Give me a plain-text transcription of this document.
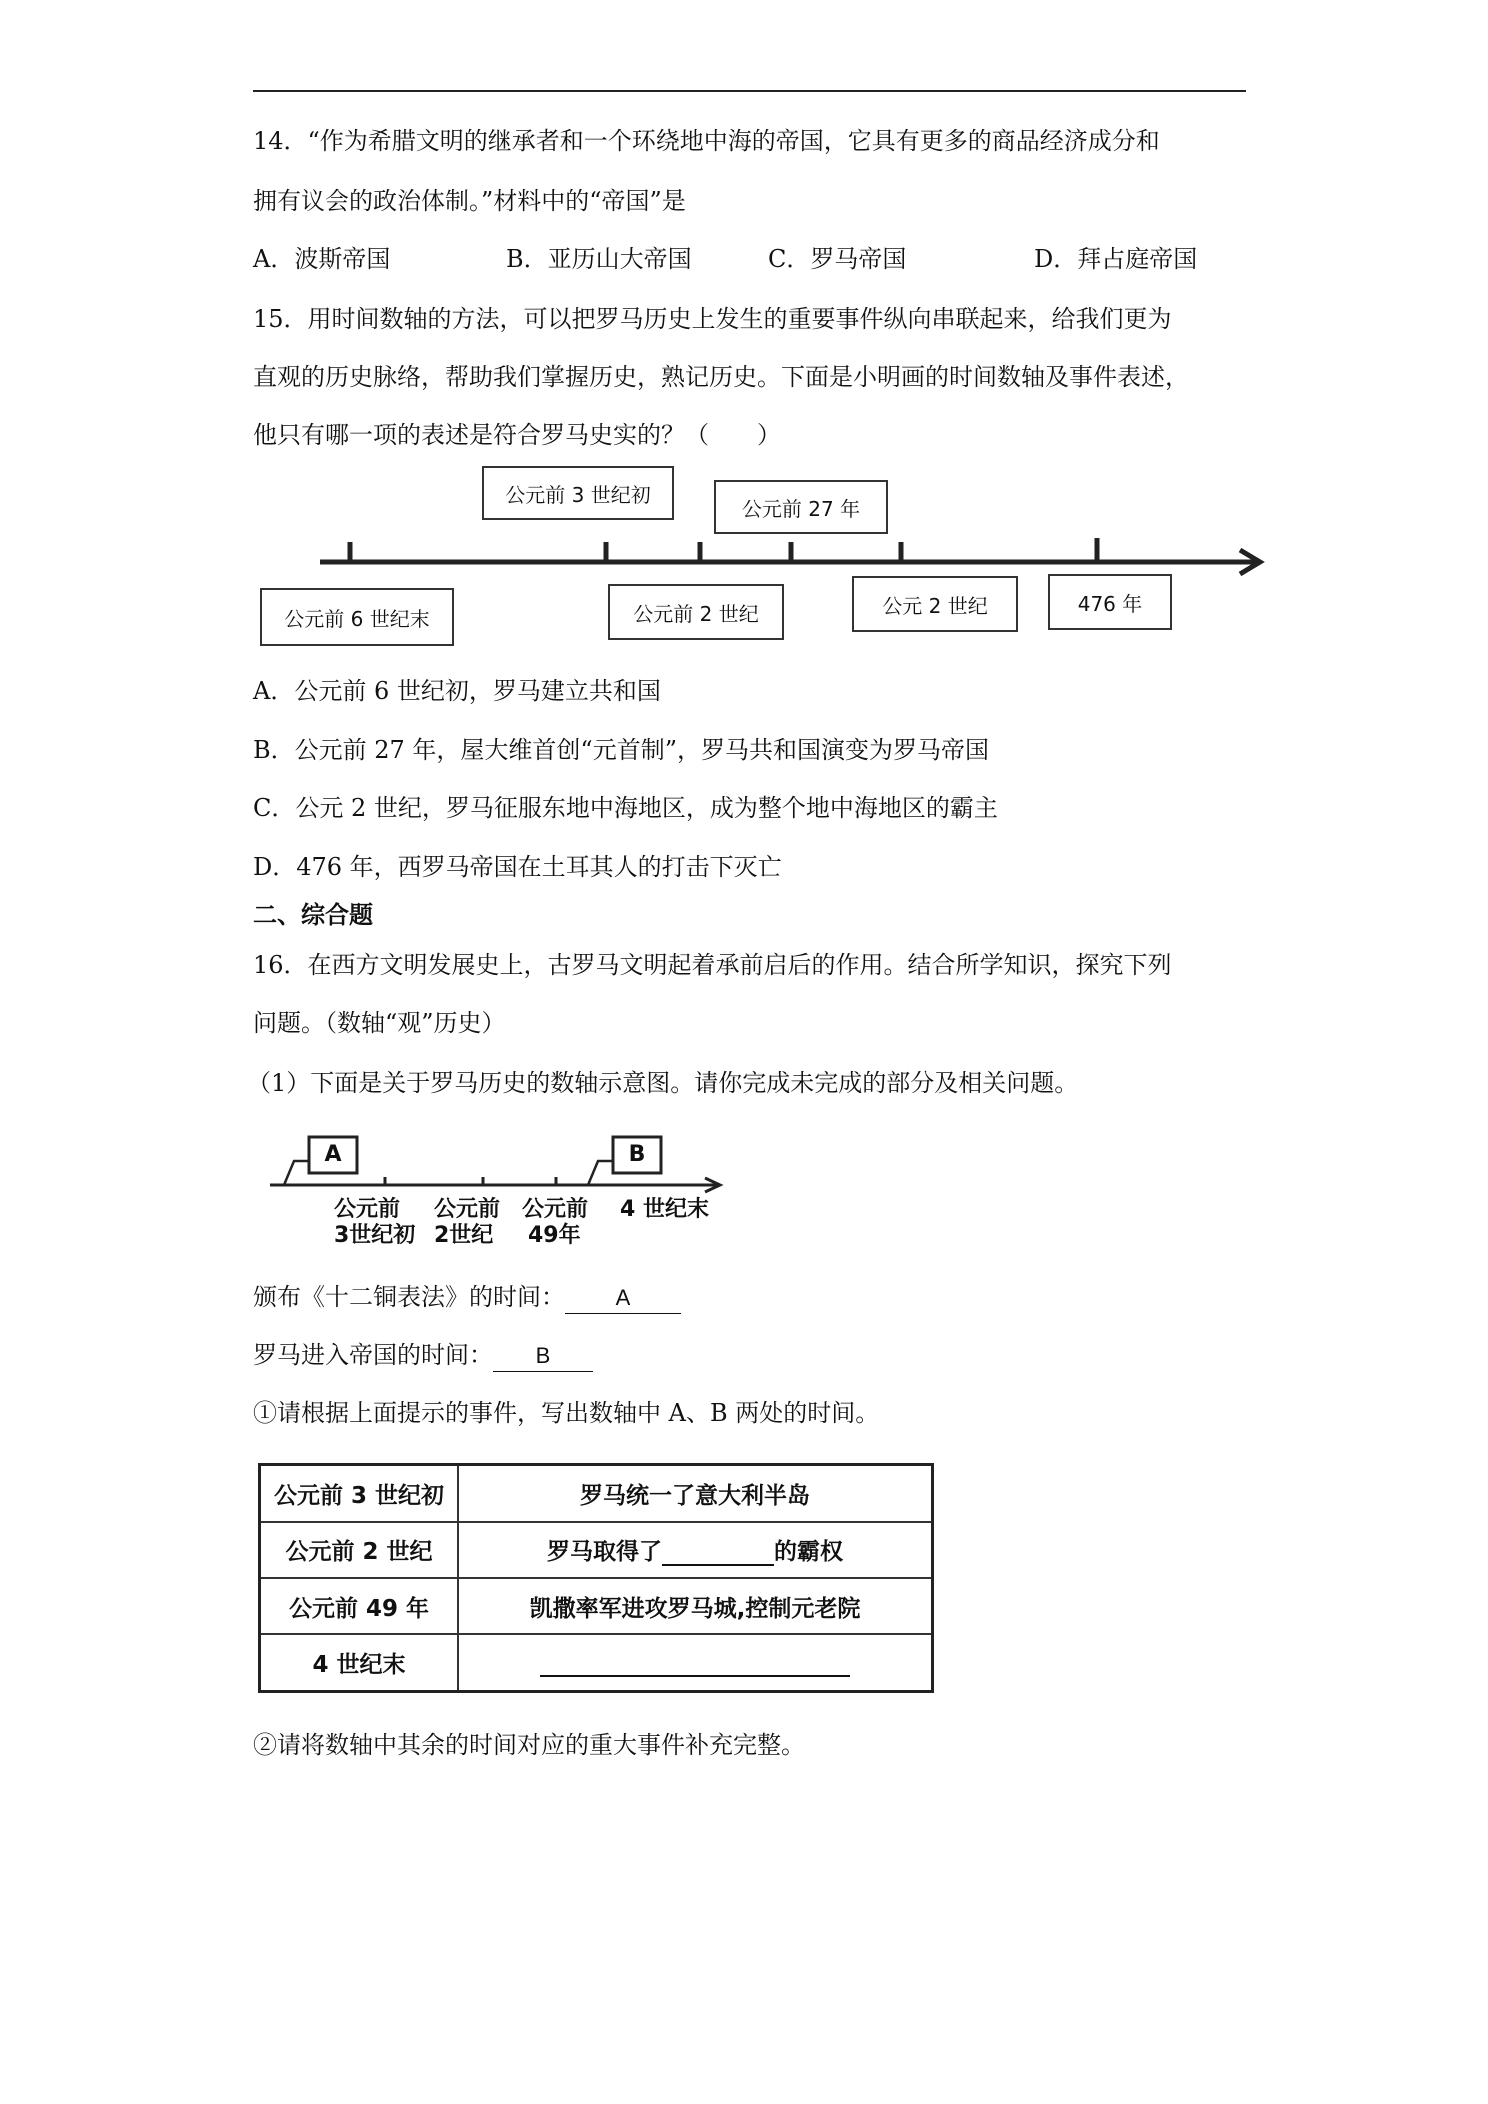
14．“作为希腊文明的继承者和一个环绕地中海的帝国，它具有更多的商品经济成分和
拥有议会的政治体制。”材料中的“帝国”是
A．波斯帝国	B．亚历山大帝国	C．罗马帝国	D．拜占庭帝国
15．用时间数轴的方法，可以把罗马历史上发生的重要事件纵向串联起来，给我们更为
直观的历史脉络，帮助我们掌握历史，熟记历史。下面是小明画的时间数轴及事件表述，
他只有哪一项的表述是符合罗马史实的？（　　）
公元前 3 世纪初
公元前 27 年
公元前 6 世纪末	公元前 2 世纪	公元 2 世纪	476 年
A．公元前 6 世纪初，罗马建立共和国
B．公元前 27 年，屋大维首创“元首制”，罗马共和国演变为罗马帝国
C．公元 2 世纪，罗马征服东地中海地区，成为整个地中海地区的霸主
D．476 年，西罗马帝国在土耳其人的打击下灭亡
二、综合题
16．在西方文明发展史上，古罗马文明起着承前启后的作用。结合所学知识，探究下列
问题。（数轴“观”历史）
（1）下面是关于罗马历史的数轴示意图。请你完成未完成的部分及相关问题。
A	B
公元前
3世纪初
公元前
2世纪
公元前
49年
4 世纪末
颁布《十二铜表法》的时间： A
罗马进入帝国的时间： B
①请根据上面提示的事件，写出数轴中 A、B 两处的时间。
公元前 3 世纪初	罗马统一了意大利半岛
公元前 2 世纪	罗马取得了 的霸权
公元前 49 年	凯撒率军进攻罗马城,控制元老院
4 世纪末	
②请将数轴中其余的时间对应的重大事件补充完整。
